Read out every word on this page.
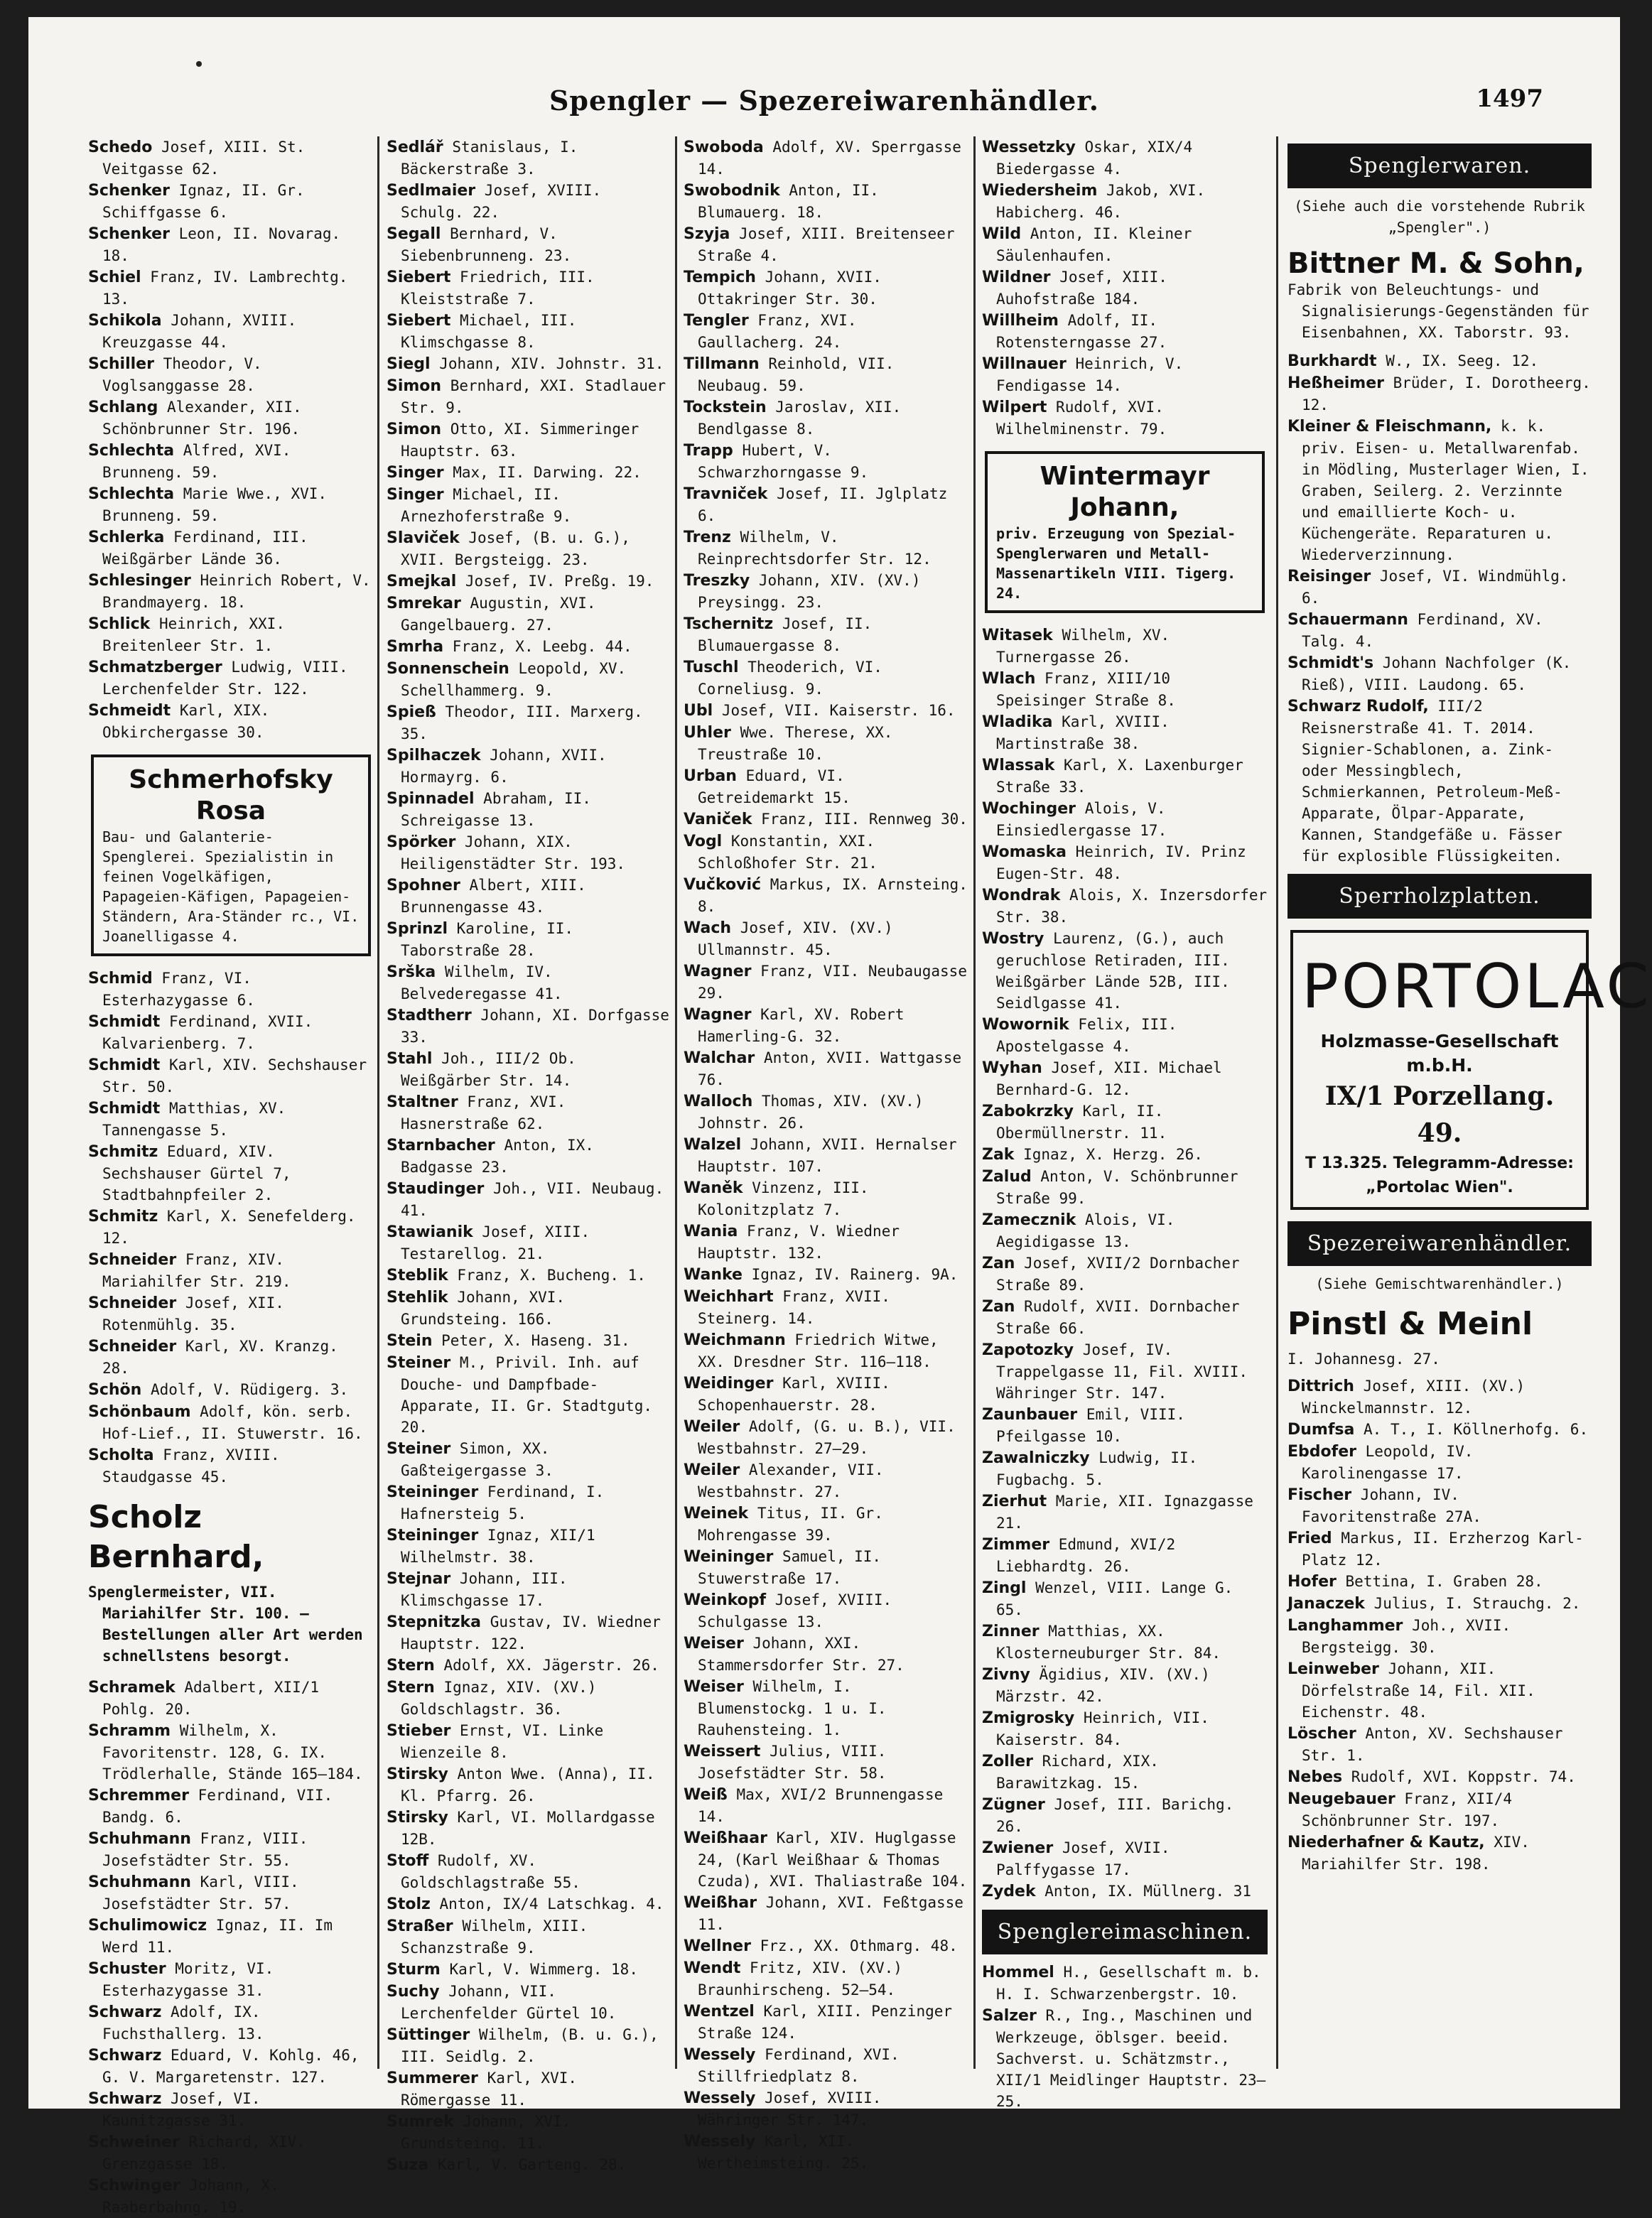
Spengler — Spezereiwarenhändler.	1497
Schedo Josef, XIII. St. Veitgasse 62.
Schenker Ignaz, II. Gr. Schiffgasse 6.
Schenker Leon, II. Novarag. 18.
Schiel Franz, IV. Lambrechtg. 13.
Schikola Johann, XVIII. Kreuzgasse 44.
Schiller Theodor, V. Voglsanggasse 28.
Schlang Alexander, XII. Schönbrunner Str. 196.
Schlechta Alfred, XVI. Brunneng. 59.
Schlechta Marie Wwe., XVI. Brunneng. 59.
Schlerka Ferdinand, III. Weißgärber Lände 36.
Schlesinger Heinrich Robert, V. Brandmayerg. 18.
Schlick Heinrich, XXI. Breitenleer Str. 1.
Schmatzberger Ludwig, VIII. Lerchenfelder Str. 122.
Schmeidt Karl, XIX. Obkirchergasse 30.
Schmerhofsky Rosa
Bau- und Galanterie-Spenglerei. Spezialistin in feinen Vogelkäfigen, Papageien-Käfigen, Papageien-Ständern, Ara-Ständer rc., VI. Joanelligasse 4.
Schmid Franz, VI. Esterhazygasse 6.
Schmidt Ferdinand, XVII. Kalvarienberg. 7.
Schmidt Karl, XIV. Sechshauser Str. 50.
Schmidt Matthias, XV. Tannengasse 5.
Schmitz Eduard, XIV. Sechshauser Gürtel 7, Stadtbahnpfeiler 2.
Schmitz Karl, X. Senefelderg. 12.
Schneider Franz, XIV. Mariahilfer Str. 219.
Schneider Josef, XII. Rotenmühlg. 35.
Schneider Karl, XV. Kranzg. 28.
Schön Adolf, V. Rüdigerg. 3.
Schönbaum Adolf, kön. serb. Hof-Lief., II. Stuwerstr. 16.
Scholta Franz, XVIII. Staudgasse 45.
Scholz Bernhard,
Spenglermeister, VII. Mariahilfer Str. 100. — Bestellungen aller Art werden schnellstens besorgt.
Schramek Adalbert, XII/1 Pohlg. 20.
Schramm Wilhelm, X. Favoritenstr. 128, G. IX. Trödlerhalle, Stände 165—184.
Schremmer Ferdinand, VII. Bandg. 6.
Schuhmann Franz, VIII. Josefstädter Str. 55.
Schuhmann Karl, VIII. Josefstädter Str. 57.
Schulimowicz Ignaz, II. Im Werd 11.
Schuster Moritz, VI. Esterhazygasse 31.
Schwarz Adolf, IX. Fuchsthallerg. 13.
Schwarz Eduard, V. Kohlg. 46, G. V. Margaretenstr. 127.
Schwarz Josef, VI. Kaunitzgasse 31.
Schweiner Richard, XIV. Grenzgasse 18.
Schwinger Johann, X. Raaberbahng. 19.
Sedlář Stanislaus, I. Bäckerstraße 3.
Sedlmaier Josef, XVIII. Schulg. 22.
Segall Bernhard, V. Siebenbrunneng. 23.
Siebert Friedrich, III. Kleiststraße 7.
Siebert Michael, III. Klimschgasse 8.
Siegl Johann, XIV. Johnstr. 31.
Simon Bernhard, XXI. Stadlauer Str. 9.
Simon Otto, XI. Simmeringer Hauptstr. 63.
Singer Max, II. Darwing. 22.
Singer Michael, II. Arnezhoferstraße 9.
Slaviček Josef, (B. u. G.), XVII. Bergsteigg. 23.
Smejkal Josef, IV. Preßg. 19.
Smrekar Augustin, XVI. Gangelbauerg. 27.
Smrha Franz, X. Leebg. 44.
Sonnenschein Leopold, XV. Schellhammerg. 9.
Spieß Theodor, III. Marxerg. 35.
Spilhaczek Johann, XVII. Hormayrg. 6.
Spinnadel Abraham, II. Schreigasse 13.
Spörker Johann, XIX. Heiligenstädter Str. 193.
Spohner Albert, XIII. Brunnengasse 43.
Sprinzl Karoline, II. Taborstraße 28.
Srška Wilhelm, IV. Belvederegasse 41.
Stadtherr Johann, XI. Dorfgasse 33.
Stahl Joh., III/2 Ob. Weißgärber Str. 14.
Staltner Franz, XVI. Hasnerstraße 62.
Starnbacher Anton, IX. Badgasse 23.
Staudinger Joh., VII. Neubaug. 41.
Stawianik Josef, XIII. Testarellog. 21.
Steblik Franz, X. Bucheng. 1.
Stehlik Johann, XVI. Grundsteing. 166.
Stein Peter, X. Haseng. 31.
Steiner M., Privil. Inh. auf Douche- und Dampfbade-Apparate, II. Gr. Stadtgutg. 20.
Steiner Simon, XX. Gaßteigergasse 3.
Steininger Ferdinand, I. Hafnersteig 5.
Steininger Ignaz, XII/1 Wilhelmstr. 38.
Stejnar Johann, III. Klimschgasse 17.
Stepnitzka Gustav, IV. Wiedner Hauptstr. 122.
Stern Adolf, XX. Jägerstr. 26.
Stern Ignaz, XIV. (XV.) Goldschlagstr. 36.
Stieber Ernst, VI. Linke Wienzeile 8.
Stirsky Anton Wwe. (Anna), II. Kl. Pfarrg. 26.
Stirsky Karl, VI. Mollardgasse 12B.
Stoff Rudolf, XV. Goldschlagstraße 55.
Stolz Anton, IX/4 Latschkag. 4.
Straßer Wilhelm, XIII. Schanzstraße 9.
Sturm Karl, V. Wimmerg. 18.
Suchy Johann, VII. Lerchenfelder Gürtel 10.
Süttinger Wilhelm, (B. u. G.), III. Seidlg. 2.
Summerer Karl, XVI. Römergasse 11.
Sumrek Johann, XVI. Grundsteing. 11.
Suza Karl, V. Garteng. 28.
Swoboda Adolf, XV. Sperrgasse 14.
Swobodnik Anton, II. Blumauerg. 18.
Szyja Josef, XIII. Breitenseer Straße 4.
Tempich Johann, XVII. Ottakringer Str. 30.
Tengler Franz, XVI. Gaullacherg. 24.
Tillmann Reinhold, VII. Neubaug. 59.
Tockstein Jaroslav, XII. Bendlgasse 8.
Trapp Hubert, V. Schwarzhorngasse 9.
Travniček Josef, II. Jglplatz 6.
Trenz Wilhelm, V. Reinprechtsdorfer Str. 12.
Treszky Johann, XIV. (XV.) Preysingg. 23.
Tschernitz Josef, II. Blumauergasse 8.
Tuschl Theoderich, VI. Corneliusg. 9.
Ubl Josef, VII. Kaiserstr. 16.
Uhler Wwe. Therese, XX. Treustraße 10.
Urban Eduard, VI. Getreidemarkt 15.
Vaniček Franz, III. Rennweg 30.
Vogl Konstantin, XXI. Schloßhofer Str. 21.
Vučković Markus, IX. Arnsteing. 8.
Wach Josef, XIV. (XV.) Ullmannstr. 45.
Wagner Franz, VII. Neubaugasse 29.
Wagner Karl, XV. Robert Hamerling-G. 32.
Walchar Anton, XVII. Wattgasse 76.
Walloch Thomas, XIV. (XV.) Johnstr. 26.
Walzel Johann, XVII. Hernalser Hauptstr. 107.
Waněk Vinzenz, III. Kolonitzplatz 7.
Wania Franz, V. Wiedner Hauptstr. 132.
Wanke Ignaz, IV. Rainerg. 9A.
Weichhart Franz, XVII. Steinerg. 14.
Weichmann Friedrich Witwe, XX. Dresdner Str. 116—118.
Weidinger Karl, XVIII. Schopenhauerstr. 28.
Weiler Adolf, (G. u. B.), VII. Westbahnstr. 27—29.
Weiler Alexander, VII. Westbahnstr. 27.
Weinek Titus, II. Gr. Mohrengasse 39.
Weininger Samuel, II. Stuwerstraße 17.
Weinkopf Josef, XVIII. Schulgasse 13.
Weiser Johann, XXI. Stammersdorfer Str. 27.
Weiser Wilhelm, I. Blumenstockg. 1 u. I. Rauhensteing. 1.
Weissert Julius, VIII. Josefstädter Str. 58.
Weiß Max, XVI/2 Brunnengasse 14.
Weißhaar Karl, XIV. Huglgasse 24, (Karl Weißhaar & Thomas Czuda), XVI. Thaliastraße 104.
Weißhar Johann, XVI. Feßtgasse 11.
Wellner Frz., XX. Othmarg. 48.
Wendt Fritz, XIV. (XV.) Braunhirscheng. 52—54.
Wentzel Karl, XIII. Penzinger Straße 124.
Wessely Ferdinand, XVI. Stillfriedplatz 8.
Wessely Josef, XVIII. Währinger Str. 147.
Wessely Karl, XII. Wertheimsteing. 25.
Wessetzky Oskar, XIX/4 Biedergasse 4.
Wiedersheim Jakob, XVI. Habicherg. 46.
Wild Anton, II. Kleiner Säulenhaufen.
Wildner Josef, XIII. Auhofstraße 184.
Willheim Adolf, II. Rotensterngasse 27.
Willnauer Heinrich, V. Fendigasse 14.
Wilpert Rudolf, XVI. Wilhelminenstr. 79.
Wintermayr Johann,
priv. Erzeugung von Spezial-Spenglerwaren und Metall-Massenartikeln VIII. Tigerg. 24.
Witasek Wilhelm, XV. Turnergasse 26.
Wlach Franz, XIII/10 Speisinger Straße 8.
Wladika Karl, XVIII. Martinstraße 38.
Wlassak Karl, X. Laxenburger Straße 33.
Wochinger Alois, V. Einsiedlergasse 17.
Womaska Heinrich, IV. Prinz Eugen-Str. 48.
Wondrak Alois, X. Inzersdorfer Str. 38.
Wostry Laurenz, (G.), auch geruchlose Retiraden, III. Weißgärber Lände 52B, III. Seidlgasse 41.
Wowornik Felix, III. Apostelgasse 4.
Wyhan Josef, XII. Michael Bernhard-G. 12.
Zabokrzky Karl, II. Obermüllnerstr. 11.
Zak Ignaz, X. Herzg. 26.
Zalud Anton, V. Schönbrunner Straße 99.
Zamecznik Alois, VI. Aegidigasse 13.
Zan Josef, XVII/2 Dornbacher Straße 89.
Zan Rudolf, XVII. Dornbacher Straße 66.
Zapotozky Josef, IV. Trappelgasse 11, Fil. XVIII. Währinger Str. 147.
Zaunbauer Emil, VIII. Pfeilgasse 10.
Zawalniczky Ludwig, II. Fugbachg. 5.
Zierhut Marie, XII. Ignazgasse 21.
Zimmer Edmund, XVI/2 Liebhardtg. 26.
Zingl Wenzel, VIII. Lange G. 65.
Zinner Matthias, XX. Klosterneuburger Str. 84.
Zivny Ägidius, XIV. (XV.) Märzstr. 42.
Zmigrosky Heinrich, VII. Kaiserstr. 84.
Zoller Richard, XIX. Barawitzkag. 15.
Zügner Josef, III. Barichg. 26.
Zwiener Josef, XVII. Palffygasse 17.
Zydek Anton, IX. Müllnerg. 31
Spenglereimaschinen.
Hommel H., Gesellschaft m. b. H. I. Schwarzenbergstr. 10.
Salzer R., Ing., Maschinen und Werkzeuge, öblsger. beeid. Sachverst. u. Schätzmstr., XII/1 Meidlinger Hauptstr. 23—25.
Spenglerwaren.
(Siehe auch die vorstehende Rubrik „Spengler".)
Bittner M. & Sohn,
Fabrik von Beleuchtungs- und Signalisierungs-Gegenständen für Eisenbahnen, XX. Taborstr. 93.
Burkhardt W., IX. Seeg. 12.
Heßheimer Brüder, I. Dorotheerg. 12.
Kleiner & Fleischmann, k. k. priv. Eisen- u. Metallwarenfab. in Mödling, Musterlager Wien, I. Graben, Seilerg. 2. Verzinnte und emaillierte Koch- u. Küchengeräte. Reparaturen u. Wiederverzinnung.
Reisinger Josef, VI. Windmühlg. 6.
Schauermann Ferdinand, XV. Talg. 4.
Schmidt's Johann Nachfolger (K. Rieß), VIII. Laudong. 65.
Schwarz Rudolf, III/2 Reisnerstraße 41. T. 2014. Signier-Schablonen, a. Zink- oder Messingblech, Schmierkannen, Petroleum-Meß-Apparate, Ölpar-Apparate, Kannen, Standgefäße u. Fässer für explosible Flüssigkeiten.
Sperrholzplatten.
PORTOLAC
Holzmasse-Gesellschaft m.b.H.
IX/1 Porzellang. 49.
T 13.325. Telegramm-Adresse: „Portolac Wien".
Spezereiwarenhändler.
(Siehe Gemischtwarenhändler.)
Pinstl & Meinl
I. Johannesg. 27.
Dittrich Josef, XIII. (XV.) Winckelmannstr. 12.
Dumfsa A. T., I. Köllnerhofg. 6.
Ebdofer Leopold, IV. Karolinengasse 17.
Fischer Johann, IV. Favoritenstraße 27A.
Fried Markus, II. Erzherzog Karl-Platz 12.
Hofer Bettina, I. Graben 28.
Janaczek Julius, I. Strauchg. 2.
Langhammer Joh., XVII. Bergsteigg. 30.
Leinweber Johann, XII. Dörfelstraße 14, Fil. XII. Eichenstr. 48.
Löscher Anton, XV. Sechshauser Str. 1.
Nebes Rudolf, XVI. Koppstr. 74.
Neugebauer Franz, XII/4 Schönbrunner Str. 197.
Niederhafner & Kautz, XIV. Mariahilfer Str. 198.
